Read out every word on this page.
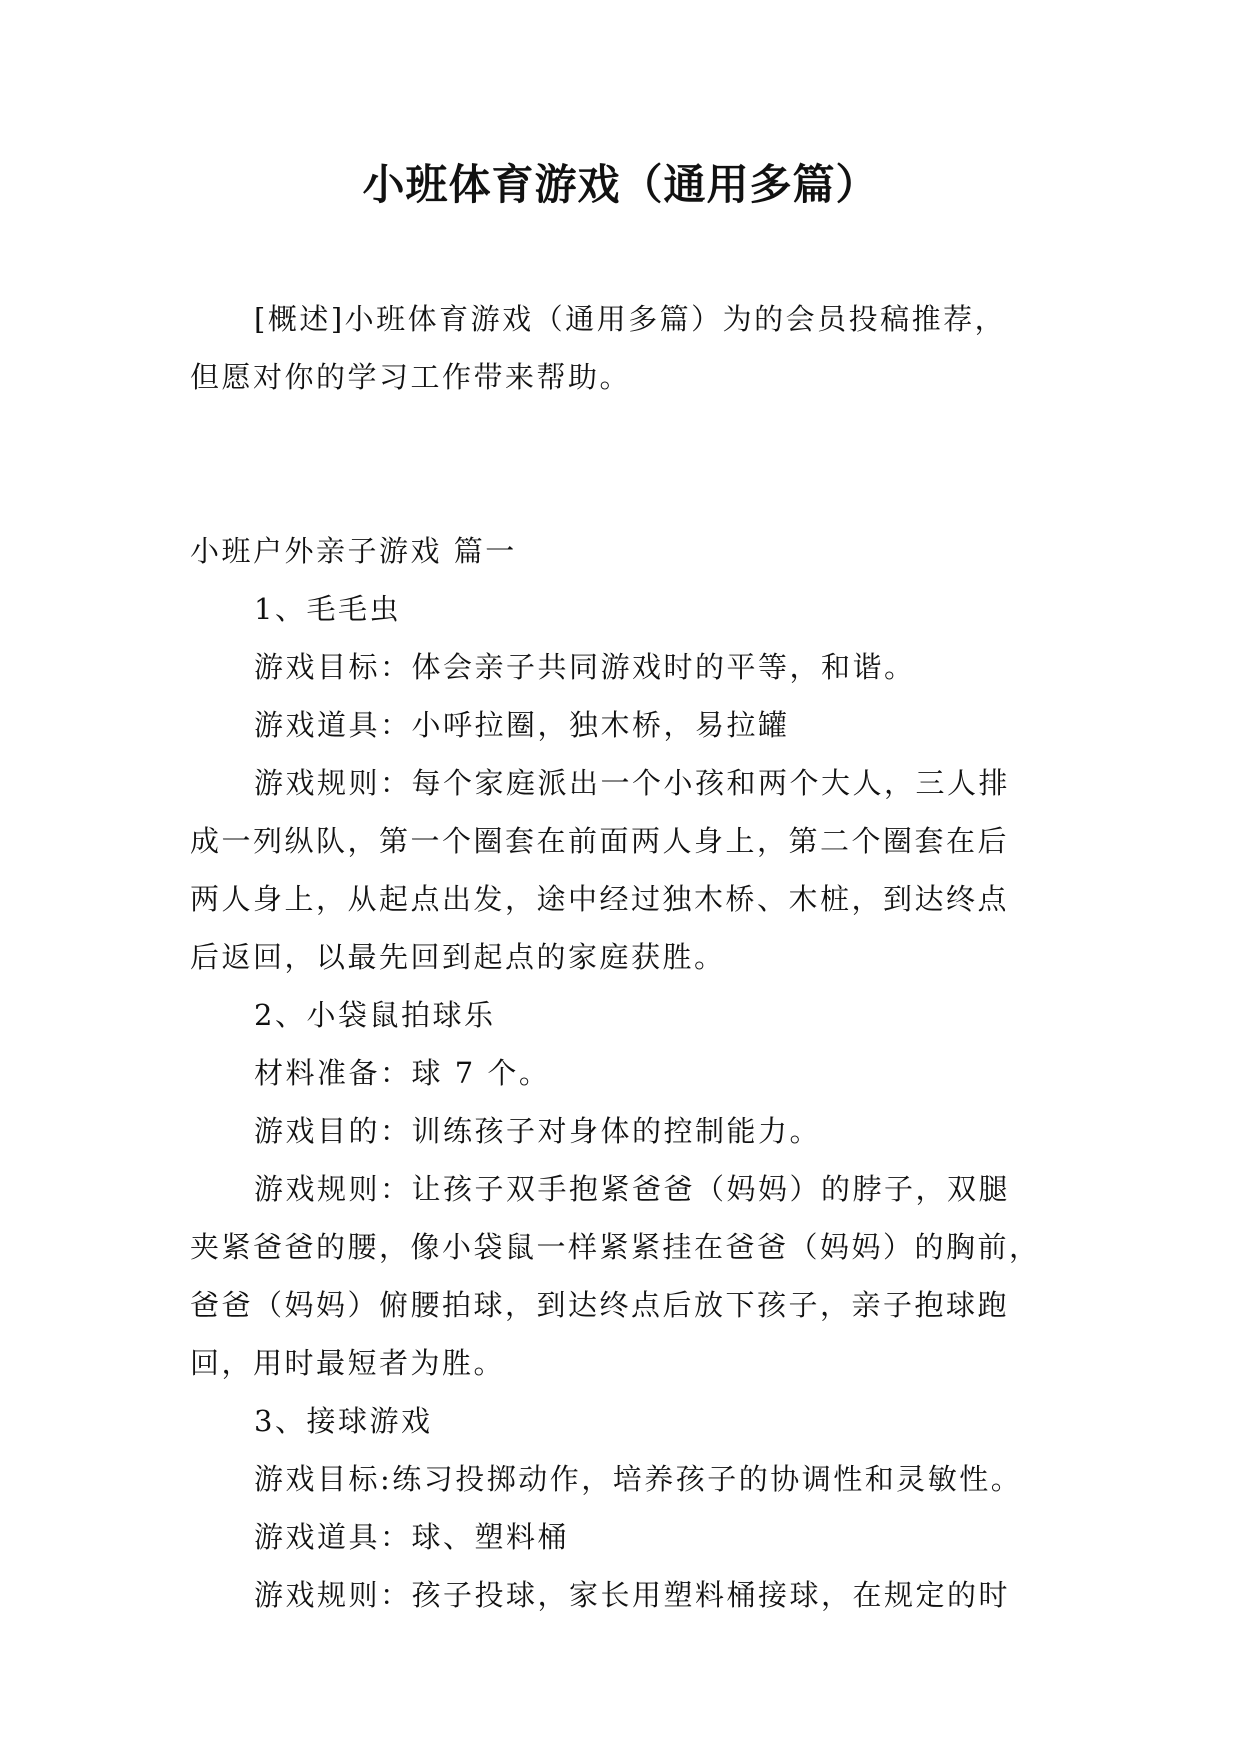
小班体育游戏（通用多篇）

[概述]小班体育游戏（通用多篇）为的会员投稿推荐，

但愿对你的学习工作带来帮助。

小班户外亲子游戏 篇一

1、毛毛虫

游戏目标：体会亲子共同游戏时的平等，和谐。

游戏道具：小呼拉圈，独木桥，易拉罐

游戏规则：每个家庭派出一个小孩和两个大人，三人排

成一列纵队，第一个圈套在前面两人身上，第二个圈套在后

两人身上，从起点出发，途中经过独木桥、木桩，到达终点

后返回，以最先回到起点的家庭获胜。

2、小袋鼠拍球乐

材料准备：球 7 个。

游戏目的：训练孩子对身体的控制能力。

游戏规则：让孩子双手抱紧爸爸（妈妈）的脖子，双腿

夹紧爸爸的腰，像小袋鼠一样紧紧挂在爸爸（妈妈）的胸前，

爸爸（妈妈）俯腰拍球，到达终点后放下孩子，亲子抱球跑

回，用时最短者为胜。

3、接球游戏

游戏目标:练习投掷动作，培养孩子的协调性和灵敏性。

游戏道具：球、塑料桶

游戏规则：孩子投球，家长用塑料桶接球，在规定的时
